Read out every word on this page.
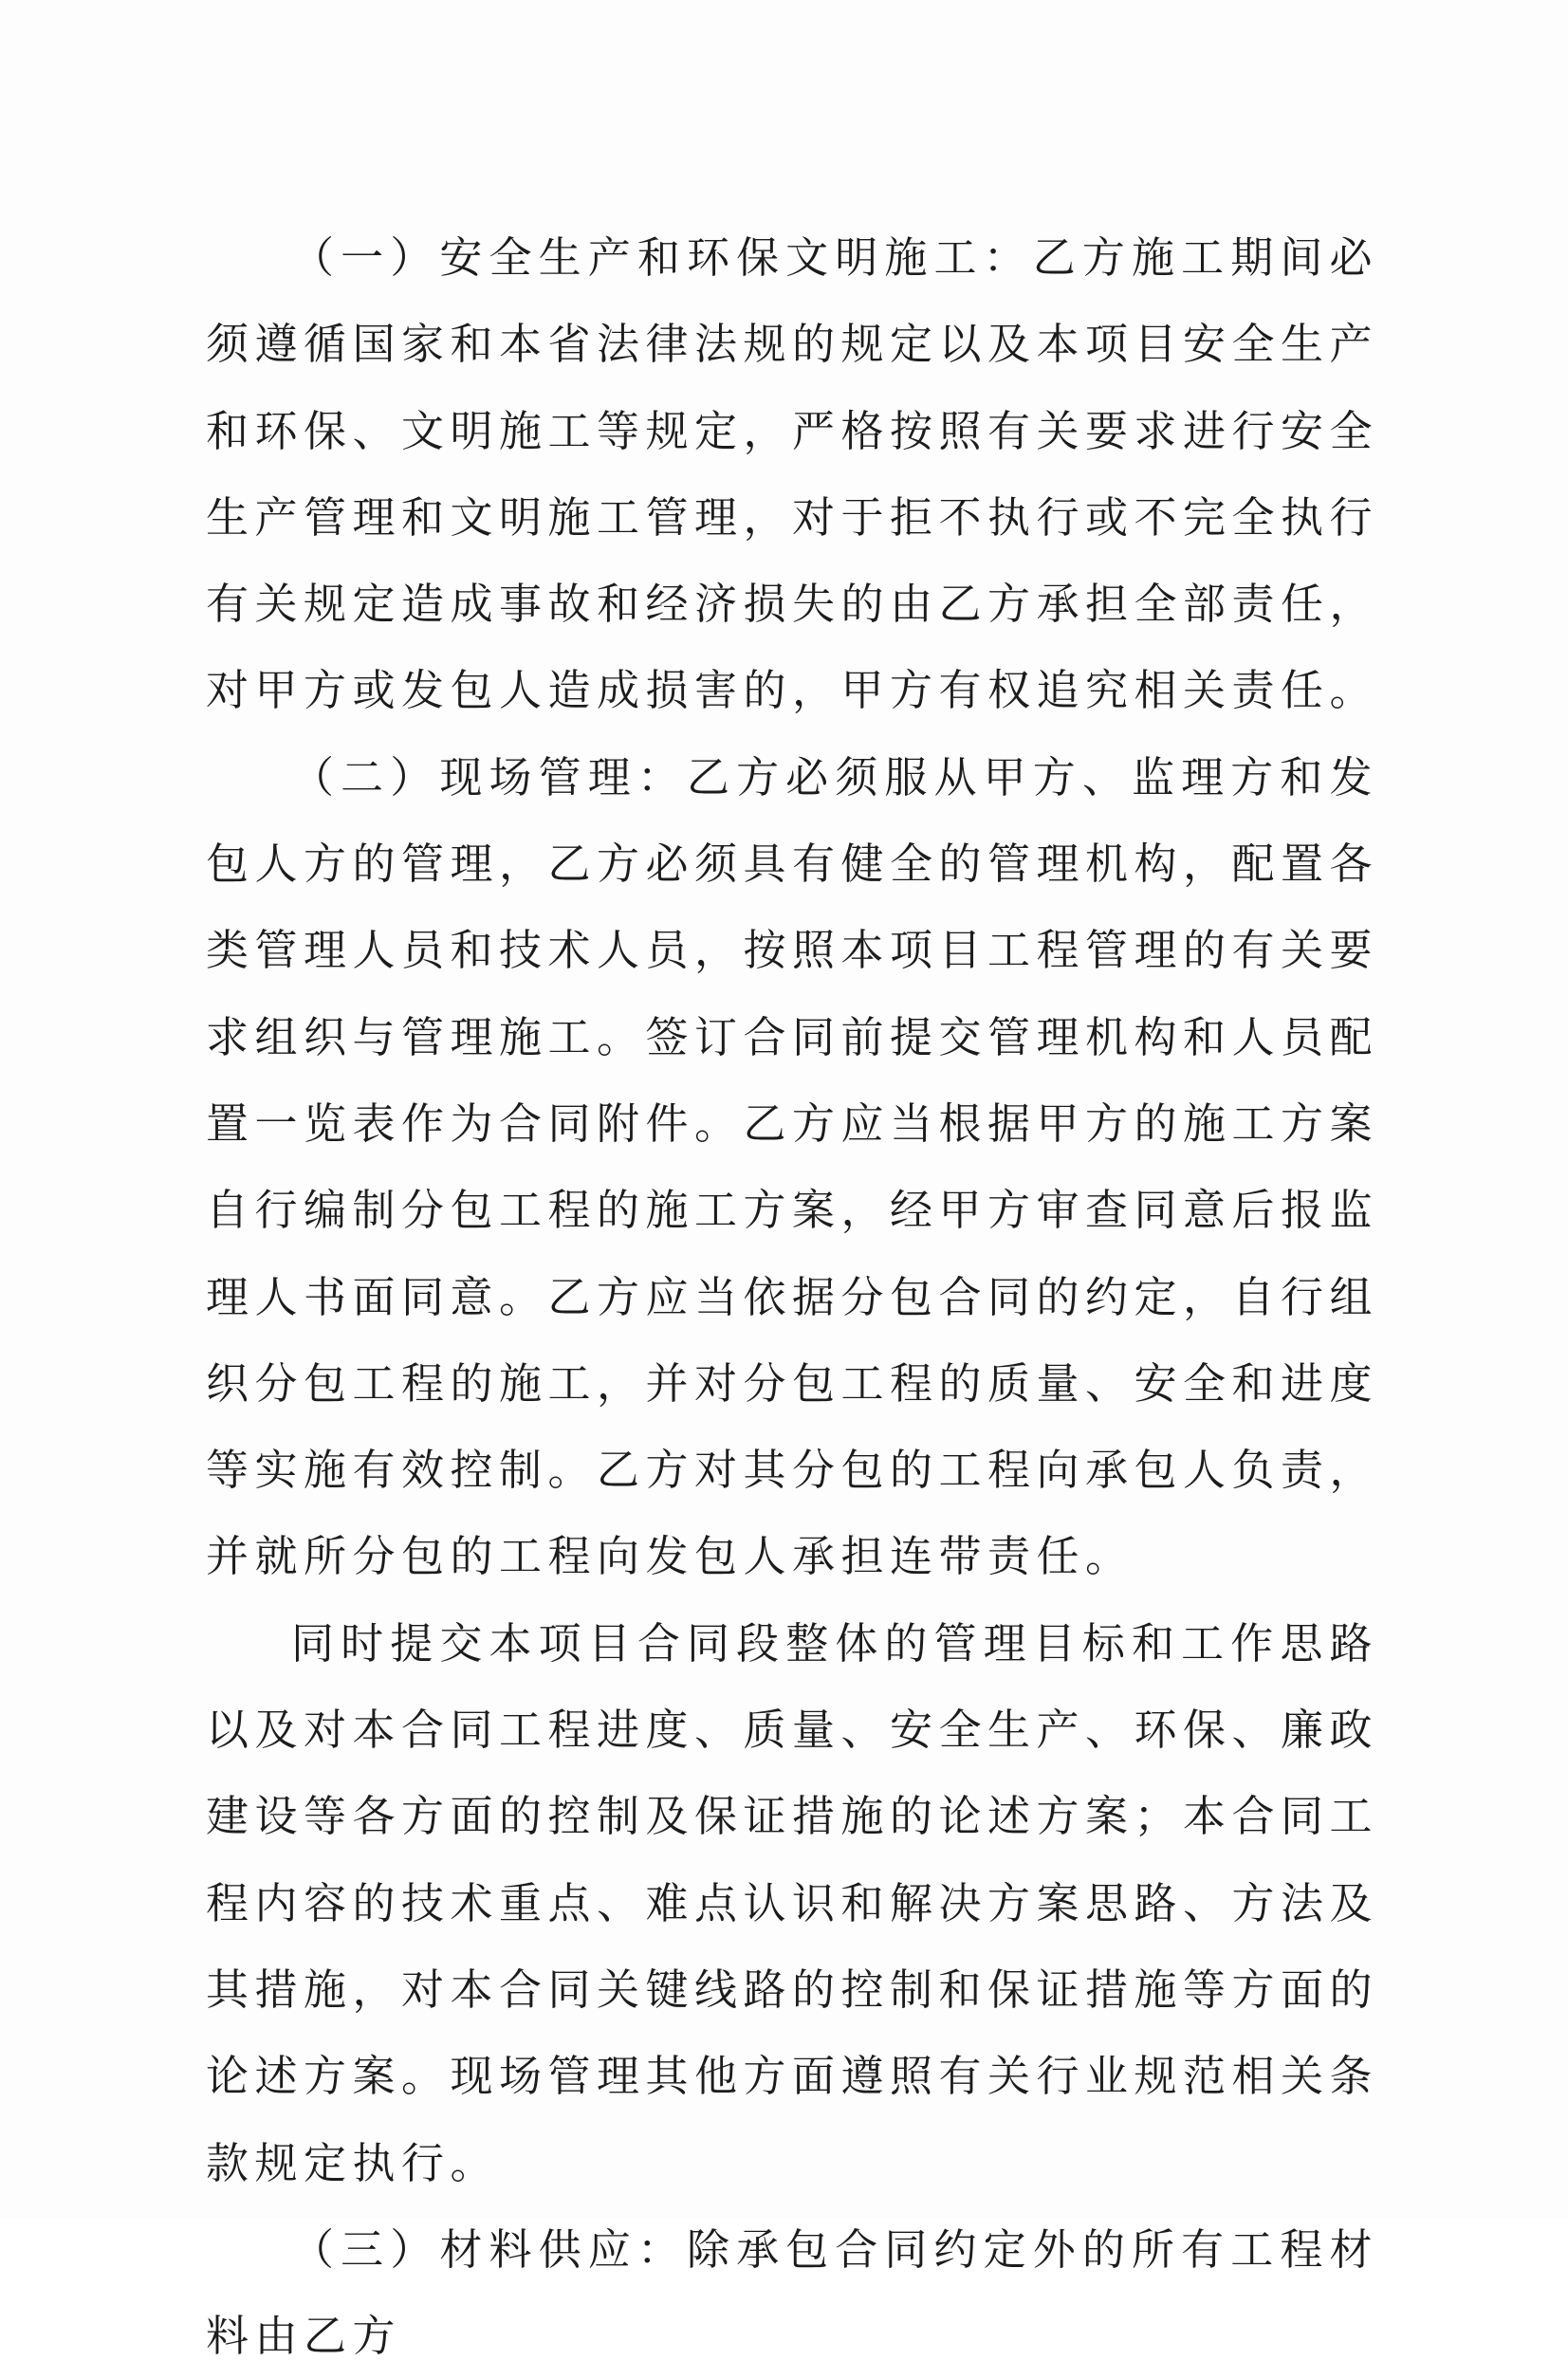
（一）安全生产和环保文明施工：乙方施工期间必须遵循国家和本省法律法规的规定以及本项目安全生产和环保、文明施工等规定，严格按照有关要求进行安全生产管理和文明施工管理，对于拒不执行或不完全执行有关规定造成事故和经济损失的由乙方承担全部责任，对甲方或发包人造成损害的，甲方有权追究相关责任。

（二）现场管理：乙方必须服从甲方、监理方和发包人方的管理，乙方必须具有健全的管理机构，配置各类管理人员和技术人员，按照本项目工程管理的有关要求组织与管理施工。签订合同前提交管理机构和人员配置一览表作为合同附件。乙方应当根据甲方的施工方案自行编制分包工程的施工方案，经甲方审查同意后报监理人书面同意。乙方应当依据分包合同的约定，自行组织分包工程的施工，并对分包工程的质量、安全和进度等实施有效控制。乙方对其分包的工程向承包人负责，并就所分包的工程向发包人承担连带责任。

同时提交本项目合同段整体的管理目标和工作思路以及对本合同工程进度、质量、安全生产、环保、廉政建设等各方面的控制及保证措施的论述方案；本合同工程内容的技术重点、难点认识和解决方案思路、方法及其措施，对本合同关键线路的控制和保证措施等方面的论述方案。现场管理其他方面遵照有关行业规范相关条款规定执行。

（三）材料供应：除承包合同约定外的所有工程材料由乙方
